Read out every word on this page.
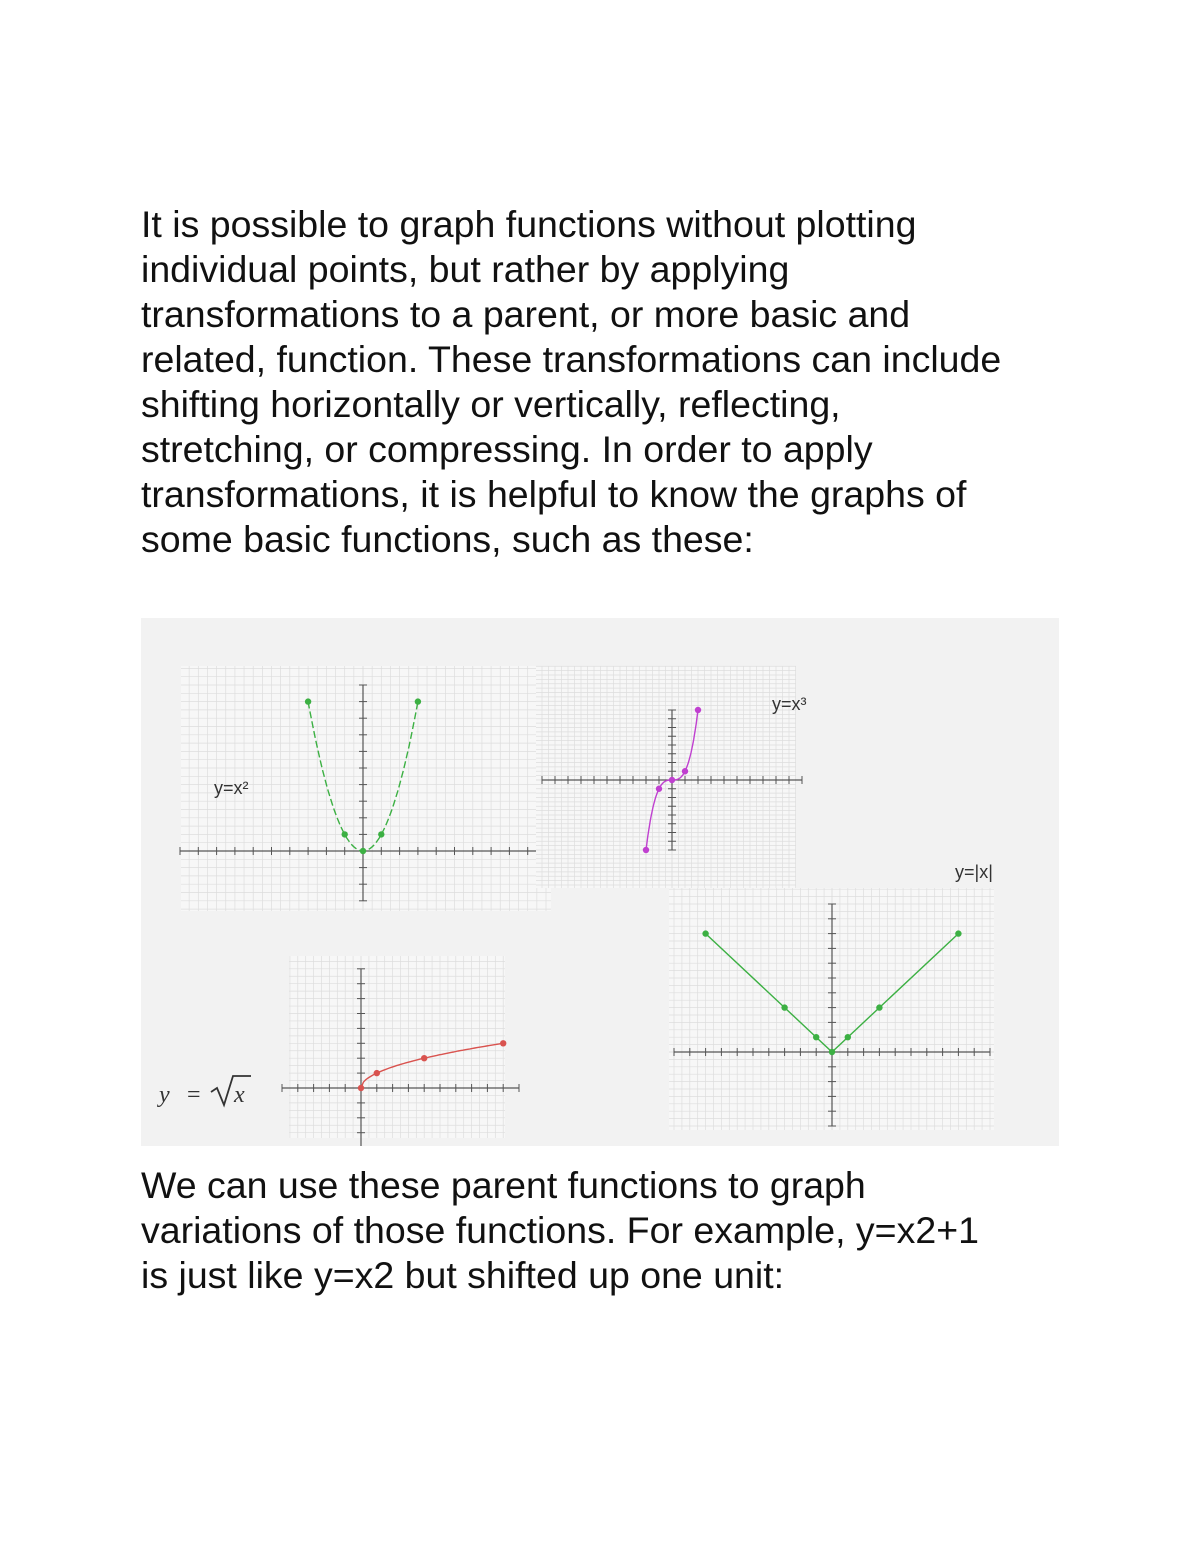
It is possible to graph functions without plotting
individual points, but rather by applying
transformations to a parent, or more basic and
related, function. These transformations can include
shifting horizontally or vertically, reflecting,
stretching, or compressing. In order to apply
transformations, it is helpful to know the graphs of
some basic functions, such as these:
y=x²
y=x³
y=|x|
y = x
We can use these parent functions to graph
variations of those functions. For example, y=x2+1
is just like y=x2 but shifted up one unit:
